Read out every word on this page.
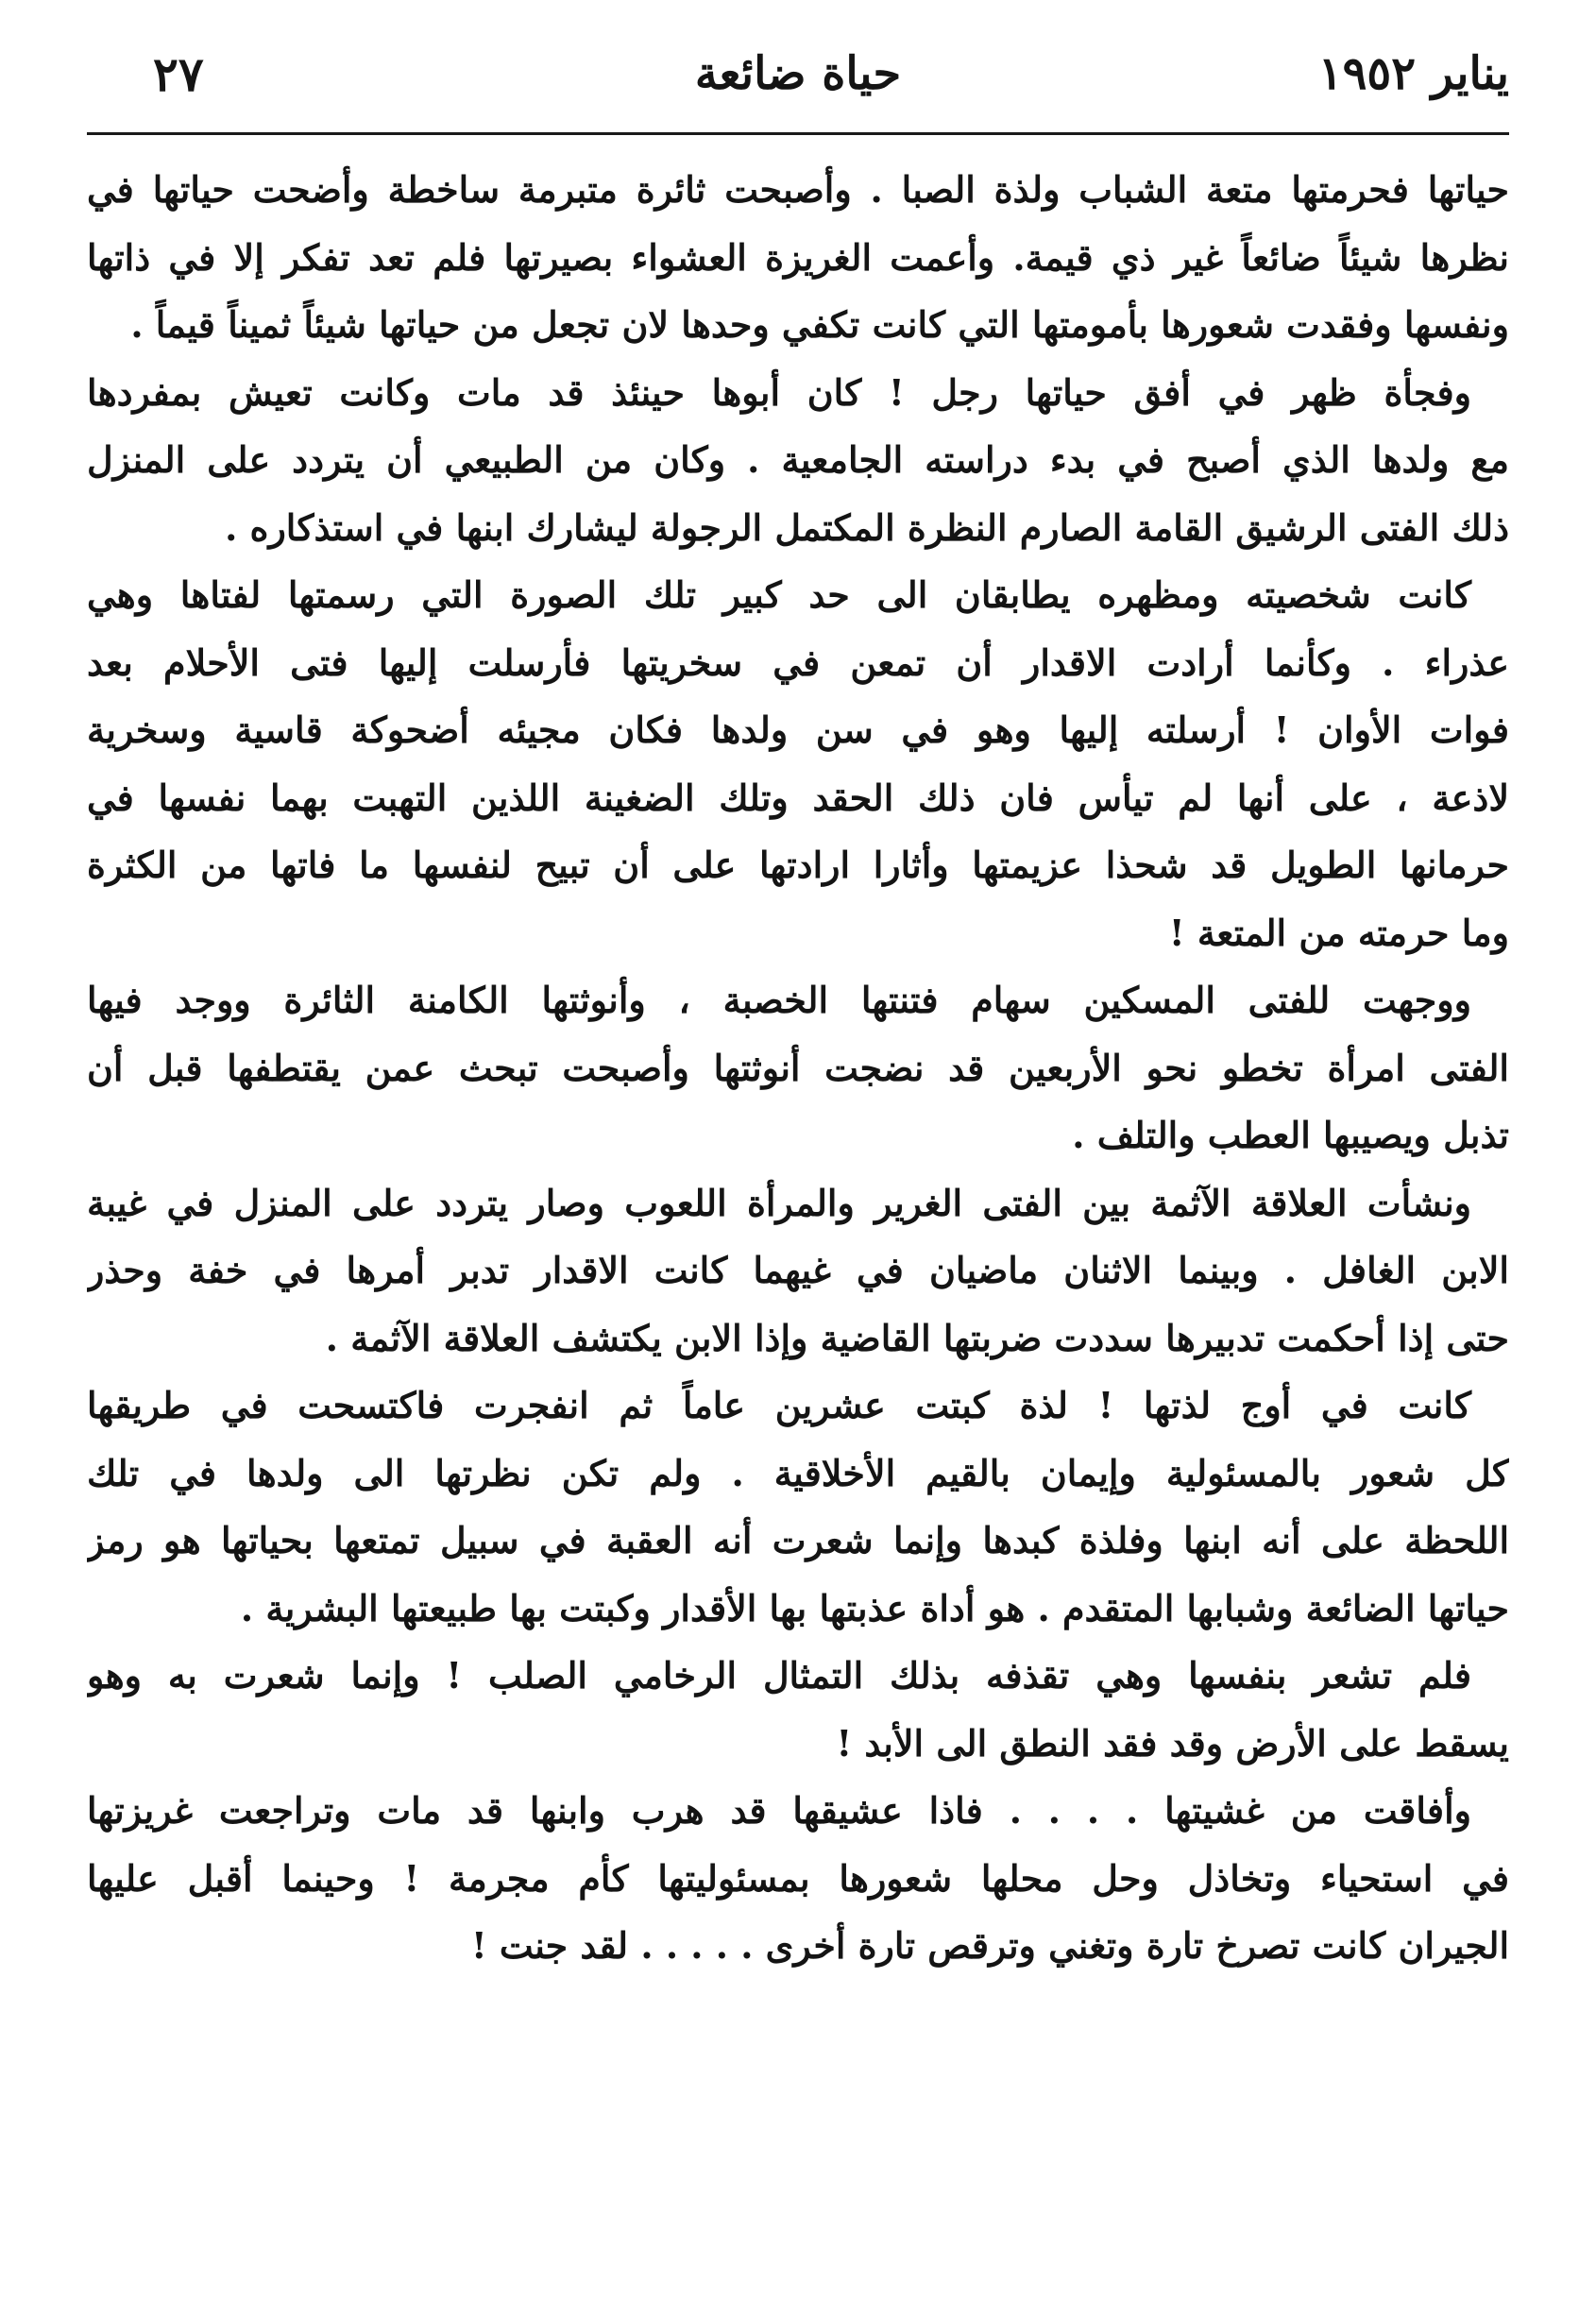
يناير ١٩٥٢
حياة ضائعة
٢٧
حياتها فحرمتها متعة الشباب ولذة الصبا . وأصبحت ثائرة متبرمة ساخطة وأضحت حياتها في
نظرها شيئاً ضائعاً غير ذي قيمة. وأعمت الغريزة العشواء بصيرتها فلم تعد تفكر إلا في ذاتها
ونفسها وفقدت شعورها بأمومتها التي كانت تكفي وحدها لان تجعل من حياتها شيئاً ثميناً قيماً .
وفجأة ظهر في أفق حياتها رجل ! كان أبوها حينئذ قد مات وكانت تعيش بمفردها
مع ولدها الذي أصبح في بدء دراسته الجامعية . وكان من الطبيعي أن يتردد على المنزل
ذلك الفتى الرشيق القامة الصارم النظرة المكتمل الرجولة ليشارك ابنها في استذكاره .
كانت شخصيته ومظهره يطابقان الى حد كبير تلك الصورة التي رسمتها لفتاها وهي
عذراء . وكأنما أرادت الاقدار أن تمعن في سخريتها فأرسلت إليها فتى الأحلام بعد
فوات الأوان ! أرسلته إليها وهو في سن ولدها فكان مجيئه أضحوكة قاسية وسخرية
لاذعة ، على أنها لم تيأس فان ذلك الحقد وتلك الضغينة اللذين التهبت بهما نفسها في
حرمانها الطويل قد شحذا عزيمتها وأثارا ارادتها على أن تبيح لنفسها ما فاتها من الكثرة
وما حرمته من المتعة !
ووجهت للفتى المسكين سهام فتنتها الخصبة ، وأنوثتها الكامنة الثائرة ووجد فيها
الفتى امرأة تخطو نحو الأربعين قد نضجت أنوثتها وأصبحت تبحث عمن يقتطفها قبل أن
تذبل ويصيبها العطب والتلف .
ونشأت العلاقة الآثمة بين الفتى الغرير والمرأة اللعوب وصار يتردد على المنزل في غيبة
الابن الغافل . وبينما الاثنان ماضيان في غيهما كانت الاقدار تدبر أمرها في خفة وحذر
حتى إذا أحكمت تدبيرها سددت ضربتها القاضية وإذا الابن يكتشف العلاقة الآثمة .
كانت في أوج لذتها ! لذة كبتت عشرين عاماً ثم انفجرت فاكتسحت في طريقها
كل شعور بالمسئولية وإيمان بالقيم الأخلاقية . ولم تكن نظرتها الى ولدها في تلك
اللحظة على أنه ابنها وفلذة كبدها وإنما شعرت أنه العقبة في سبيل تمتعها بحياتها هو رمز
حياتها الضائعة وشبابها المتقدم . هو أداة عذبتها بها الأقدار وكبتت بها طبيعتها البشرية .
فلم تشعر بنفسها وهي تقذفه بذلك التمثال الرخامي الصلب ! وإنما شعرت به وهو
يسقط على الأرض وقد فقد النطق الى الأبد !
وأفاقت من غشيتها . . . . فاذا عشيقها قد هرب وابنها قد مات وتراجعت غريزتها
في استحياء وتخاذل وحل محلها شعورها بمسئوليتها كأم مجرمة ! وحينما أقبل عليها
الجيران كانت تصرخ تارة وتغني وترقص تارة أخرى . . . . . لقد جنت !
